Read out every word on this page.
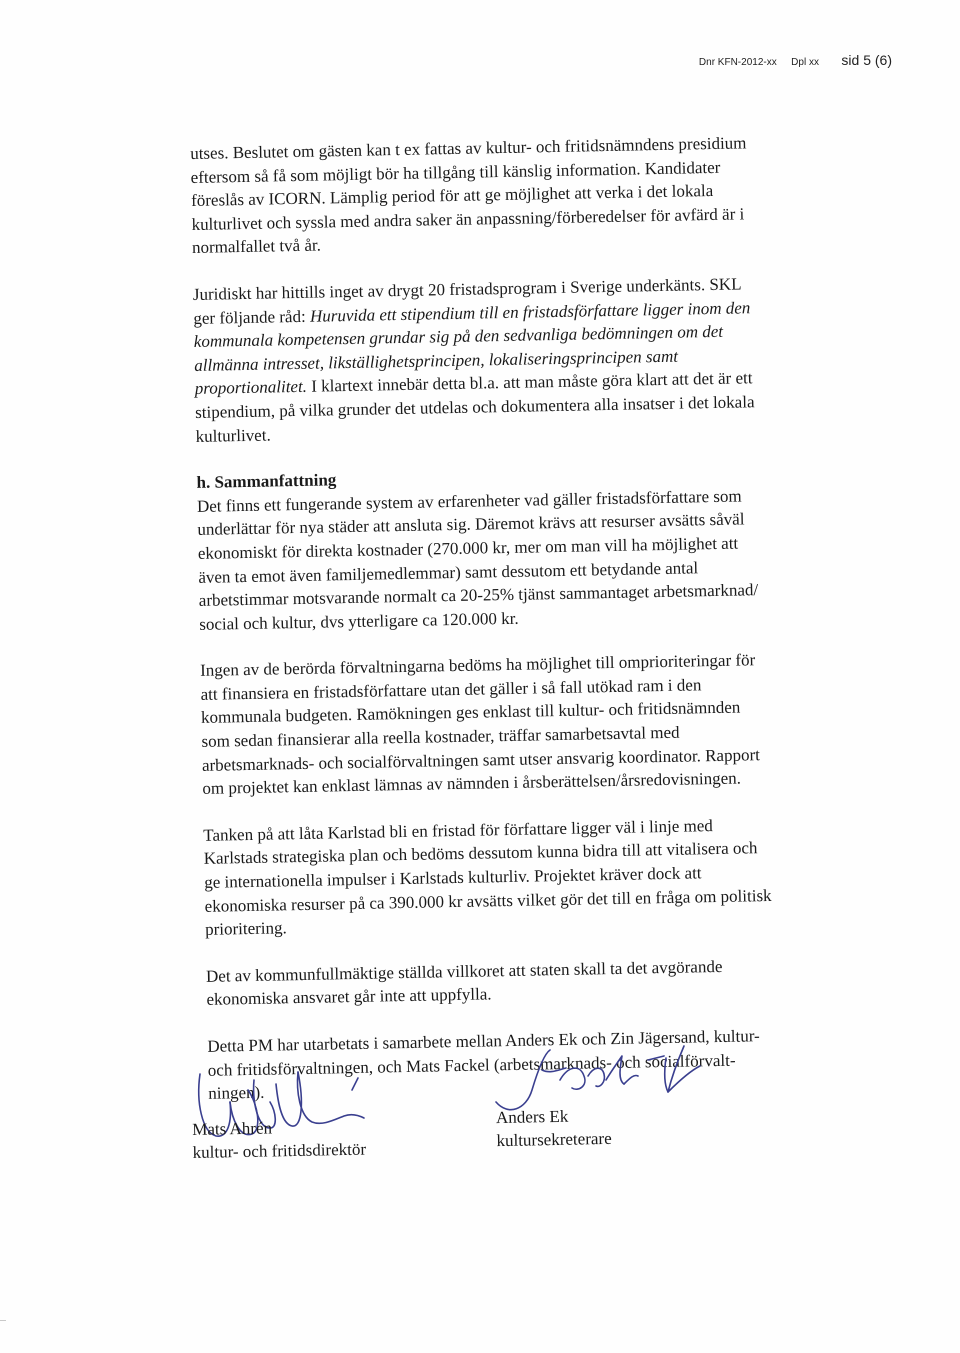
Dnr KFN-2012-xx Dpl xx sid 5 (6)

utses. Beslutet om gästen kan t ex fattas av kultur- och fritidsnämndens presidium

eftersom så få som möjligt bör ha tillgång till känslig information. Kandidater

föreslås av ICORN. Lämplig period för att ge möjlighet att verka i det lokala

kulturlivet och syssla med andra saker än anpassning/förberedelser för avfärd är i

normalfallet två år.

Juridiskt har hittills inget av drygt 20 fristadsprogram i Sverige underkänts. SKL

ger följande råd: Huruvida ett stipendium till en fristadsförfattare ligger inom den

kommunala kompetensen grundar sig på den sedvanliga bedömningen om det

allmänna intresset, likställighetsprincipen, lokaliseringsprincipen samt

proportionalitet. I klartext innebär detta bl.a. att man måste göra klart att det är ett

stipendium, på vilka grunder det utdelas och dokumentera alla insatser i det lokala

kulturlivet.

h. Sammanfattning

Det finns ett fungerande system av erfarenheter vad gäller fristadsförfattare som

underlättar för nya städer att ansluta sig. Däremot krävs att resurser avsätts såväl

ekonomiskt för direkta kostnader (270.000 kr, mer om man vill ha möjlighet att

även ta emot även familjemedlemmar) samt dessutom ett betydande antal

arbetstimmar motsvarande normalt ca 20-25% tjänst sammantaget arbetsmarknad/

social och kultur, dvs ytterligare ca 120.000 kr.

Ingen av de berörda förvaltningarna bedöms ha möjlighet till omprioriteringar för

att finansiera en fristadsförfattare utan det gäller i så fall utökad ram i den

kommunala budgeten. Ramökningen ges enklast till kultur- och fritidsnämnden

som sedan finansierar alla reella kostnader, träffar samarbetsavtal med

arbetsmarknads- och socialförvaltningen samt utser ansvarig koordinator. Rapport

om projektet kan enklast lämnas av nämnden i årsberättelsen/årsredovisningen.

Tanken på att låta Karlstad bli en fristad för författare ligger väl i linje med

Karlstads strategiska plan och bedöms dessutom kunna bidra till att vitalisera och

ge internationella impulser i Karlstads kulturliv. Projektet kräver dock att

ekonomiska resurser på ca 390.000 kr avsätts vilket gör det till en fråga om politisk

prioritering.

Det av kommunfullmäktige ställda villkoret att staten skall ta det avgörande

ekonomiska ansvaret går inte att uppfylla.

Detta PM har utarbetats i samarbete mellan Anders Ek och Zin Jägersand, kultur-

och fritidsförvaltningen, och Mats Fackel (arbetsmarknads- och socialförvalt-

ningen).

Mats Ahrén

kultur- och fritidsdirektör

Anders Ek

kultursekreterare
